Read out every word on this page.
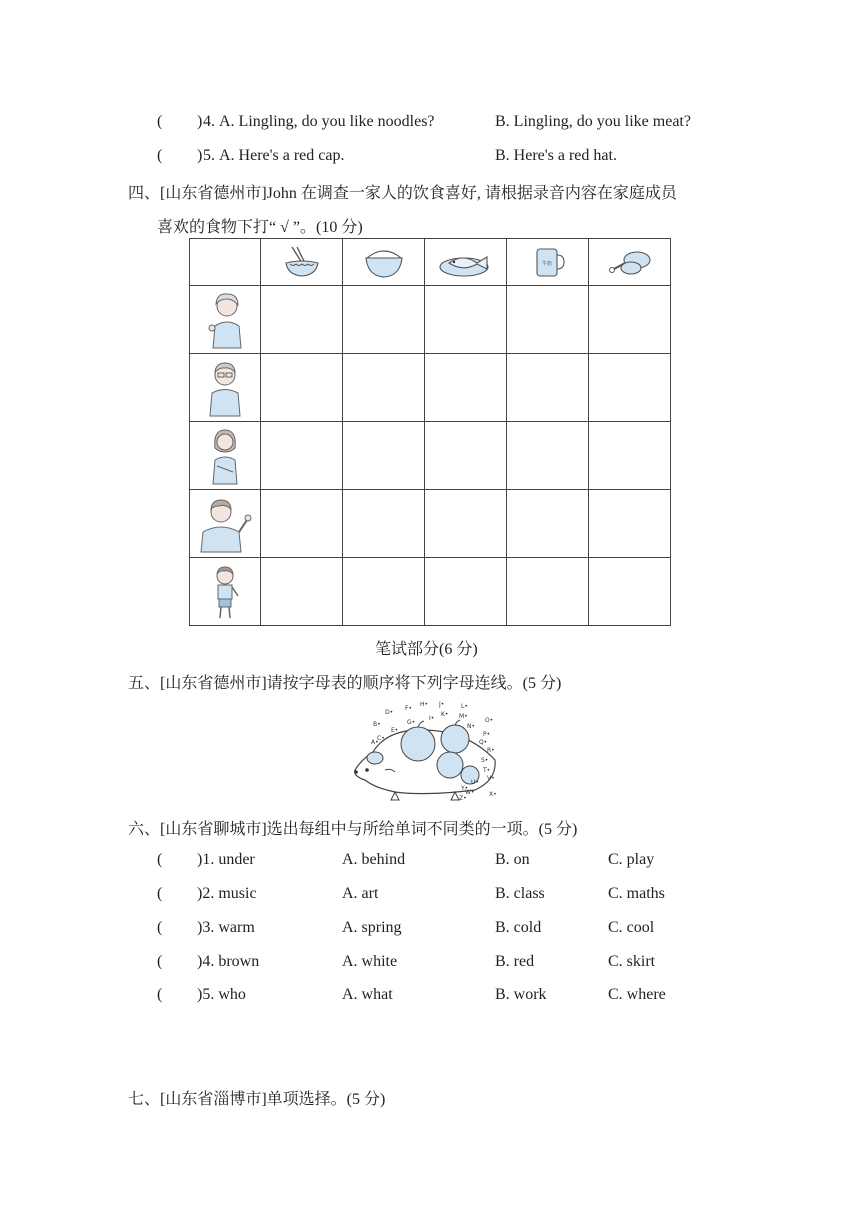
( ) 4. A. Lingling, do you like noodles?	B. Lingling, do you like meat?
( ) 5. A. Here's a red cap.	B. Here's a red hat.
四、[山东省德州市]John 在调查一家人的饮食喜好, 请根据录音内容在家庭成员
喜欢的食物下打“ √ ”。(10 分)

牛奶

笔试部分(6 分)
五、[山东省德州市]请按字母表的顺序将下列字母连线。(5 分)
A•
B•
C•
D•
E•
F•
G•
H•
I•
J•
K•
L•
M•
N•
O•
P•
Q•
R•
S•
T•
U•
V•
W• X•
Y•
Z•
六、[山东省聊城市]选出每组中与所给单词不同类的一项。(5 分)
( )1. under	A. behind	B. on	C. play
( )2. music	A. art	B. class	C. maths
( )3. warm	A. spring	B. cold	C. cool
( )4. brown	A. white	B. red	C. skirt
( )5. who	A. what	B. work	C. where
七、[山东省淄博市]单项选择。(5 分)
